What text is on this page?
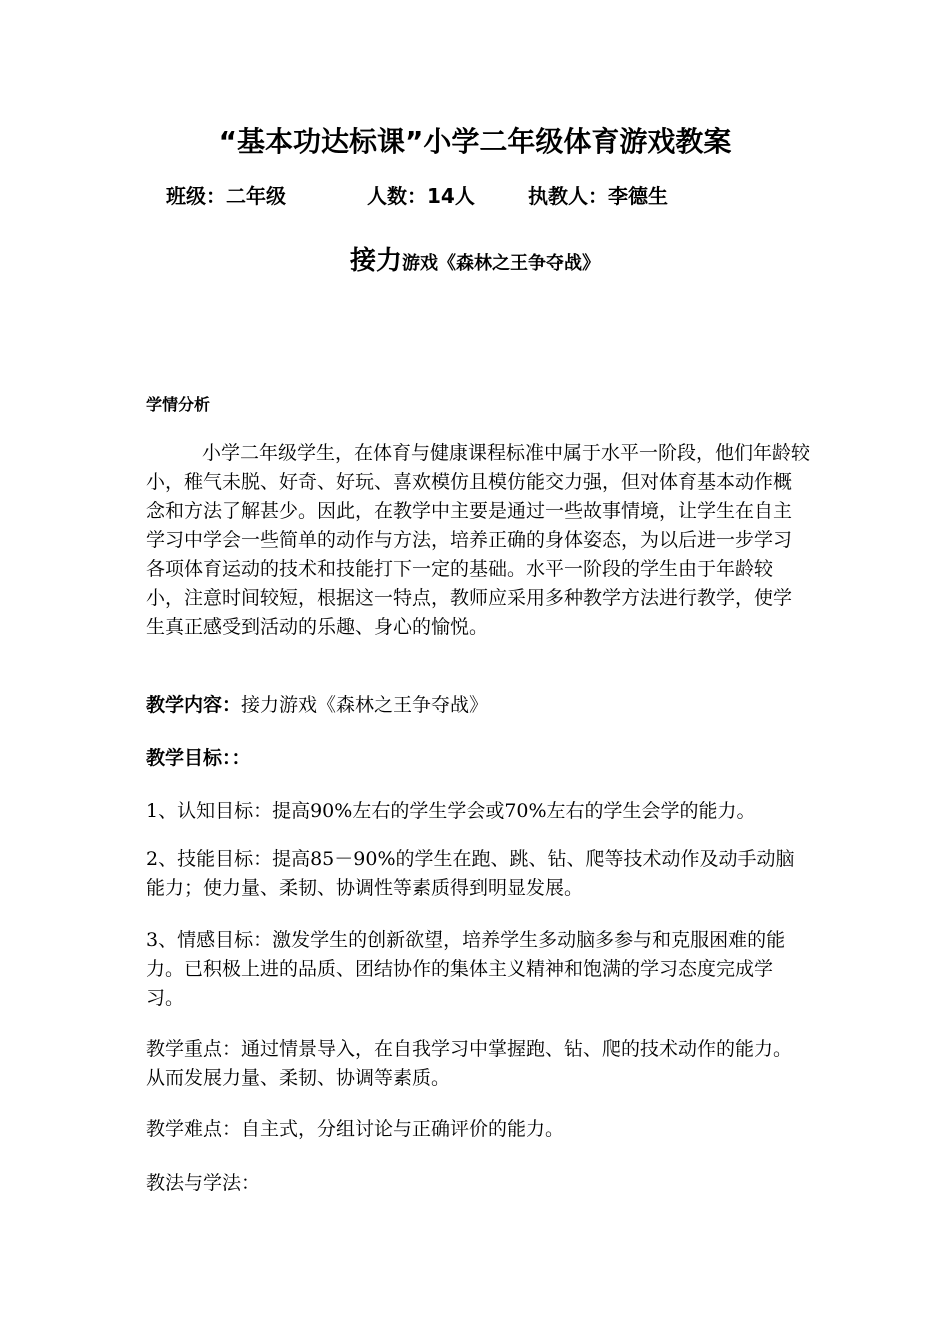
“基本功达标课”小学二年级体育游戏教案
班级：二年级	人数：14人	执教人：李德生
接力游戏《森林之王争夺战》
学情分析
小学二年级学生，在体育与健康课程标准中属于水平一阶段，他们年龄较小，稚气未脱、好奇、好玩、喜欢模仿且模仿能交力强，但对体育基本动作概念和方法了解甚少。因此，在教学中主要是通过一些故事情境，让学生在自主学习中学会一些简单的动作与方法，培养正确的身体姿态，为以后进一步学习各项体育运动的技术和技能打下一定的基础。水平一阶段的学生由于年龄较小，注意时间较短，根据这一特点，教师应采用多种教学方法进行教学，使学生真正感受到活动的乐趣、身心的愉悦。
教学内容：接力游戏《森林之王争夺战》
教学目标：：
1、认知目标：提高90%左右的学生学会或70%左右的学生会学的能力。
2、技能目标：提高85－90%的学生在跑、跳、钻、爬等技术动作及动手动脑能力；使力量、柔韧、协调性等素质得到明显发展。
3、情感目标：激发学生的创新欲望，培养学生多动脑多参与和克服困难的能力。已积极上进的品质、团结协作的集体主义精神和饱满的学习态度完成学习。
教学重点：通过情景导入，在自我学习中掌握跑、钻、爬的技术动作的能力。从而发展力量、柔韧、协调等素质。
教学难点：自主式，分组讨论与正确评价的能力。
教法与学法：
